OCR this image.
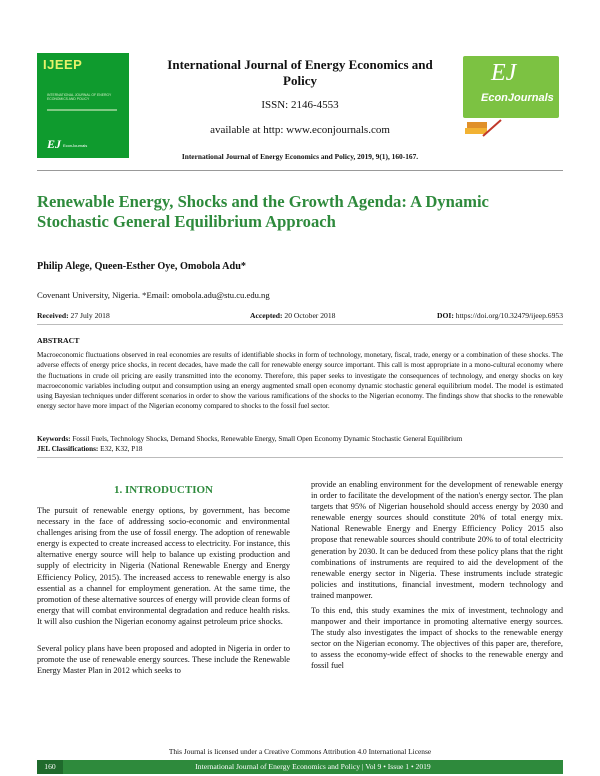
IJEEP
INTERNATIONAL JOURNAL OF ENERGY ECONOMICS AND POLICY
EJ EconJournals
International Journal of Energy Economics and Policy
ISSN: 2146-4553
available at http: www.econjournals.com
International Journal of Energy Economics and Policy, 2019, 9(1), 160-167.
EJ
EconJournals
Renewable Energy, Shocks and the Growth Agenda: A Dynamic Stochastic General Equilibrium Approach
Philip Alege, Queen-Esther Oye, Omobola Adu*
Covenant University, Nigeria. *Email: omobola.adu@stu.cu.edu.ng
Received: 27 July 2018	Accepted: 20 October 2018	DOI: https://doi.org/10.32479/ijeep.6953
ABSTRACT
Macroeconomic fluctuations observed in real economies are results of identifiable shocks in form of technology, monetary, fiscal, trade, energy or a combination of these shocks. The adverse effects of energy price shocks, in recent decades, have made the call for renewable energy source important. This call is most appropriate in a mono-cultural economy where the fluctuations in crude oil pricing are easily transmitted into the economy. Therefore, this paper seeks to investigate the consequences of technology, and energy shocks on key macroeconomic variables including output and consumption using an energy augmented small open economy dynamic stochastic general equilibrium model. The model is estimated using Bayesian techniques under different scenarios in order to show the various ramifications of the shocks to the Nigerian economy. The findings show that shocks to the renewable energy sector have more impact of the Nigerian economy compared to shocks to the fossil fuel sector.
Keywords: Fossil Fuels, Technology Shocks, Demand Shocks, Renewable Energy, Small Open Economy Dynamic Stochastic General Equilibrium
JEL Classifications: E32, K32, P18
1. INTRODUCTION
The pursuit of renewable energy options, by government, has become necessary in the face of addressing socio-economic and environmental challenges arising from the use of fossil energy. The adoption of renewable energy is expected to create increased access to electricity. For instance, this alternative energy source will help to balance up existing production and supply of electricity in Nigeria (National Renewable Energy and Energy Efficiency Policy, 2015). The increased access to renewable energy is also essential as a channel for employment generation. At the same time, the promotion of these alternative sources of energy will provide clean forms of energy that will combat environmental degradation and reduce health risks. It will also cushion the Nigerian economy against petroleum price shocks.
Several policy plans have been proposed and adopted in Nigeria in order to promote the use of renewable energy sources. These include the Renewable Energy Master Plan in 2012 which seeks to
provide an enabling environment for the development of renewable energy in order to facilitate the development of the nation's energy sector. The plan targets that 95% of Nigerian household should access energy by 2030 and renewable energy sources should constitute 20% of total energy mix. National Renewable Energy and Energy Efficiency Policy 2015 also propose that renewable sources should contribute 20% to of total electricity generation by 2030. It can be deduced from these policy plans that the right combinations of instruments are required to aid the development of the renewable energy sector in Nigeria. These instruments include strategic policies and institutions, financial investment, modern technology and trained manpower.
To this end, this study examines the mix of investment, technology and manpower and their importance in promoting alternative energy sources. The study also investigates the impact of shocks to the renewable energy sector on the Nigerian economy. The objectives of this paper are, therefore, to assess the economy-wide effect of shocks to the renewable energy and fossil fuel
This Journal is licensed under a Creative Commons Attribution 4.0 International License
160	International Journal of Energy Economics and Policy | Vol 9 • Issue 1 • 2019
